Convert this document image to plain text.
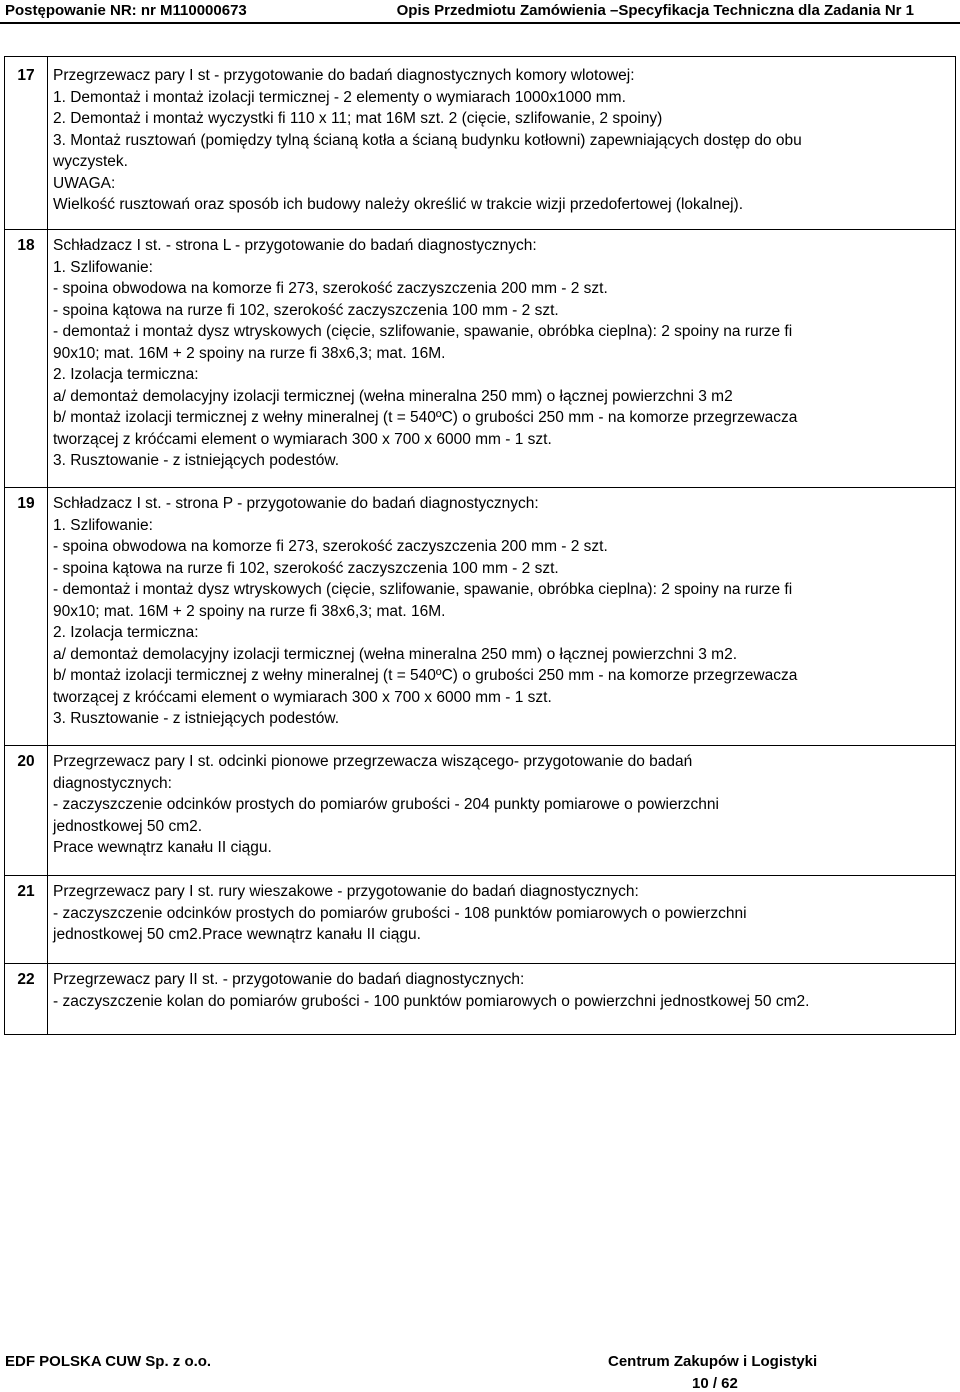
Postępowanie NR: nr M110000673	Opis Przedmiotu Zamówienia –Specyfikacja Techniczna dla Zadania Nr 1
17	Przegrzewacz pary I st - przygotowanie do badań diagnostycznych komory wlotowej:
1. Demontaż i montaż izolacji termicznej - 2 elementy o wymiarach 1000x1000 mm.
2. Demontaż i montaż wyczystki fi 110 x 11; mat 16M szt. 2 (cięcie, szlifowanie, 2 spoiny)
3. Montaż rusztowań (pomiędzy tylną ścianą kotła a ścianą budynku kotłowni) zapewniających dostęp do obu
wyczystek.
UWAGA:
Wielkość rusztowań oraz sposób ich budowy należy określić w trakcie wizji przedofertowej (lokalnej).
18	Schładzacz I st. - strona L - przygotowanie do badań diagnostycznych:
1. Szlifowanie:
- spoina obwodowa na komorze fi 273, szerokość zaczyszczenia 200 mm - 2 szt.
- spoina kątowa na rurze fi 102, szerokość zaczyszczenia 100 mm - 2 szt.
- demontaż i montaż dysz wtryskowych (cięcie, szlifowanie, spawanie, obróbka cieplna): 2 spoiny na rurze fi
90x10; mat. 16M + 2 spoiny na rurze fi 38x6,3; mat. 16M.
2. Izolacja termiczna:
a/ demontaż demolacyjny izolacji termicznej (wełna mineralna 250 mm) o łącznej powierzchni 3 m2
b/ montaż izolacji termicznej z wełny mineralnej (t = 540ºC) o grubości 250 mm - na komorze przegrzewacza
tworzącej z króćcami element o wymiarach 300 x 700 x 6000 mm - 1 szt.
3. Rusztowanie - z istniejących podestów.
19	Schładzacz I st. - strona P - przygotowanie do badań diagnostycznych:
1. Szlifowanie:
- spoina obwodowa na komorze fi 273, szerokość zaczyszczenia 200 mm - 2 szt.
- spoina kątowa na rurze fi 102, szerokość zaczyszczenia 100 mm - 2 szt.
- demontaż i montaż dysz wtryskowych (cięcie, szlifowanie, spawanie, obróbka cieplna): 2 spoiny na rurze fi
90x10; mat. 16M + 2 spoiny na rurze fi 38x6,3; mat. 16M.
2. Izolacja termiczna:
a/ demontaż demolacyjny izolacji termicznej (wełna mineralna 250 mm) o łącznej powierzchni 3 m2.
b/ montaż izolacji termicznej z wełny mineralnej (t = 540ºC) o grubości 250 mm - na komorze przegrzewacza
tworzącej z króćcami element o wymiarach 300 x 700 x 6000 mm - 1 szt.
3. Rusztowanie - z istniejących podestów.
20	Przegrzewacz pary I st. odcinki pionowe przegrzewacza wiszącego- przygotowanie do badań
diagnostycznych:
- zaczyszczenie odcinków prostych do pomiarów grubości - 204 punkty pomiarowe o powierzchni
jednostkowej 50 cm2.
Prace wewnątrz kanału II ciągu.
21	Przegrzewacz pary I st. rury wieszakowe - przygotowanie do badań diagnostycznych:
- zaczyszczenie odcinków prostych do pomiarów grubości - 108 punktów pomiarowych o powierzchni
jednostkowej 50 cm2.Prace wewnątrz kanału II ciągu.
22	Przegrzewacz pary II st. - przygotowanie do badań diagnostycznych:
- zaczyszczenie kolan do pomiarów grubości - 100 punktów pomiarowych o powierzchni jednostkowej 50 cm2.
EDF POLSKA CUW Sp. z o.o.	Centrum Zakupów i Logistyki
10 / 62
